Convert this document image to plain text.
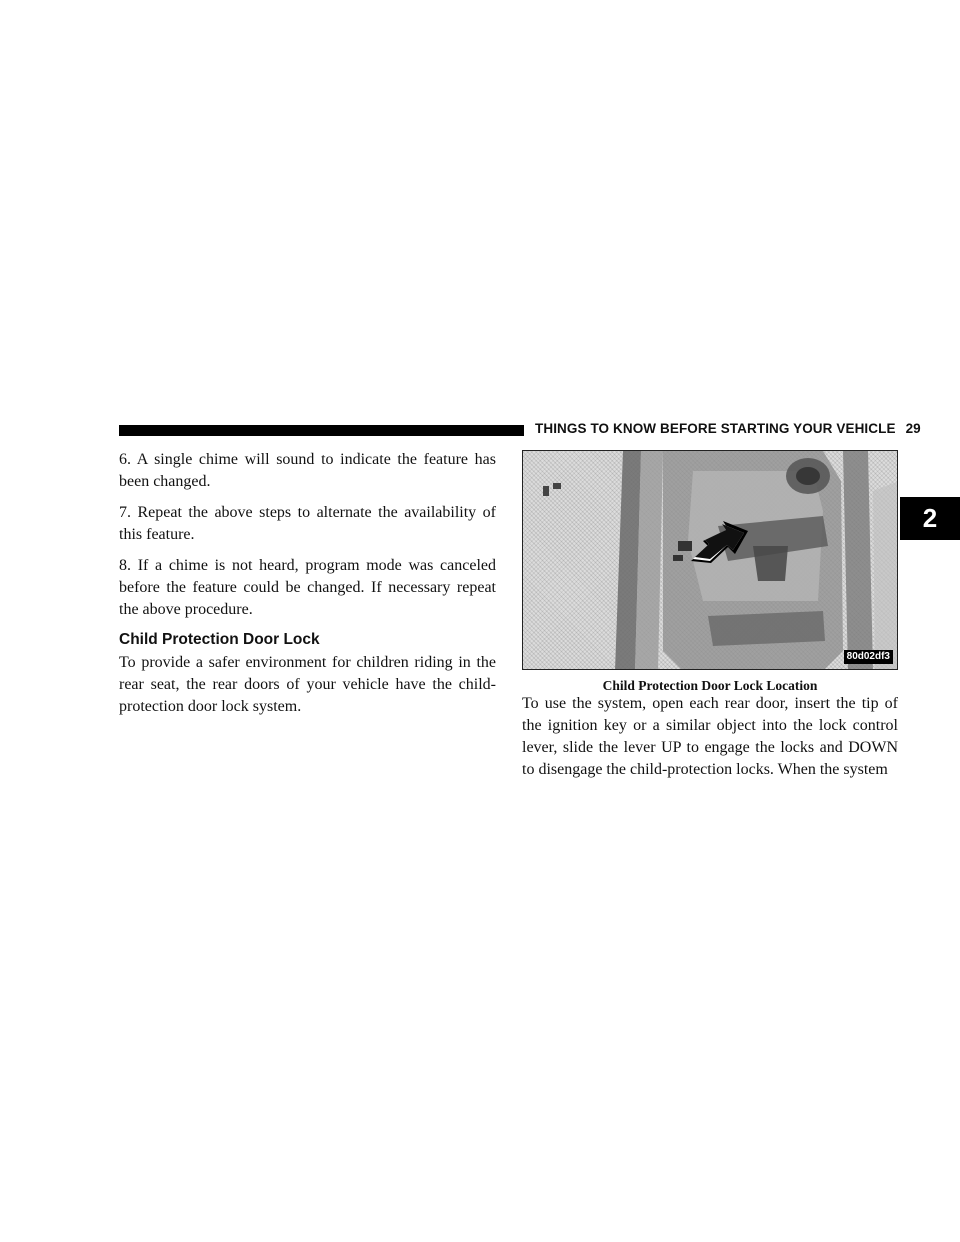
THINGS TO KNOW BEFORE STARTING YOUR VEHICLE 29
2

6. A single chime will sound to indicate the feature has been changed.

7. Repeat the above steps to alternate the availability of this feature.

8. If a chime is not heard, program mode was canceled before the feature could be changed. If necessary repeat the above procedure.

Child Protection Door Lock

To provide a safer environment for children riding in the rear seat, the rear doors of your vehicle have the child-protection door lock system.

80d02df3
Child Protection Door Lock Location

To use the system, open each rear door, insert the tip of the ignition key or a similar object into the lock control lever, slide the lever UP to engage the locks and DOWN to disengage the child-protection locks. When the system
